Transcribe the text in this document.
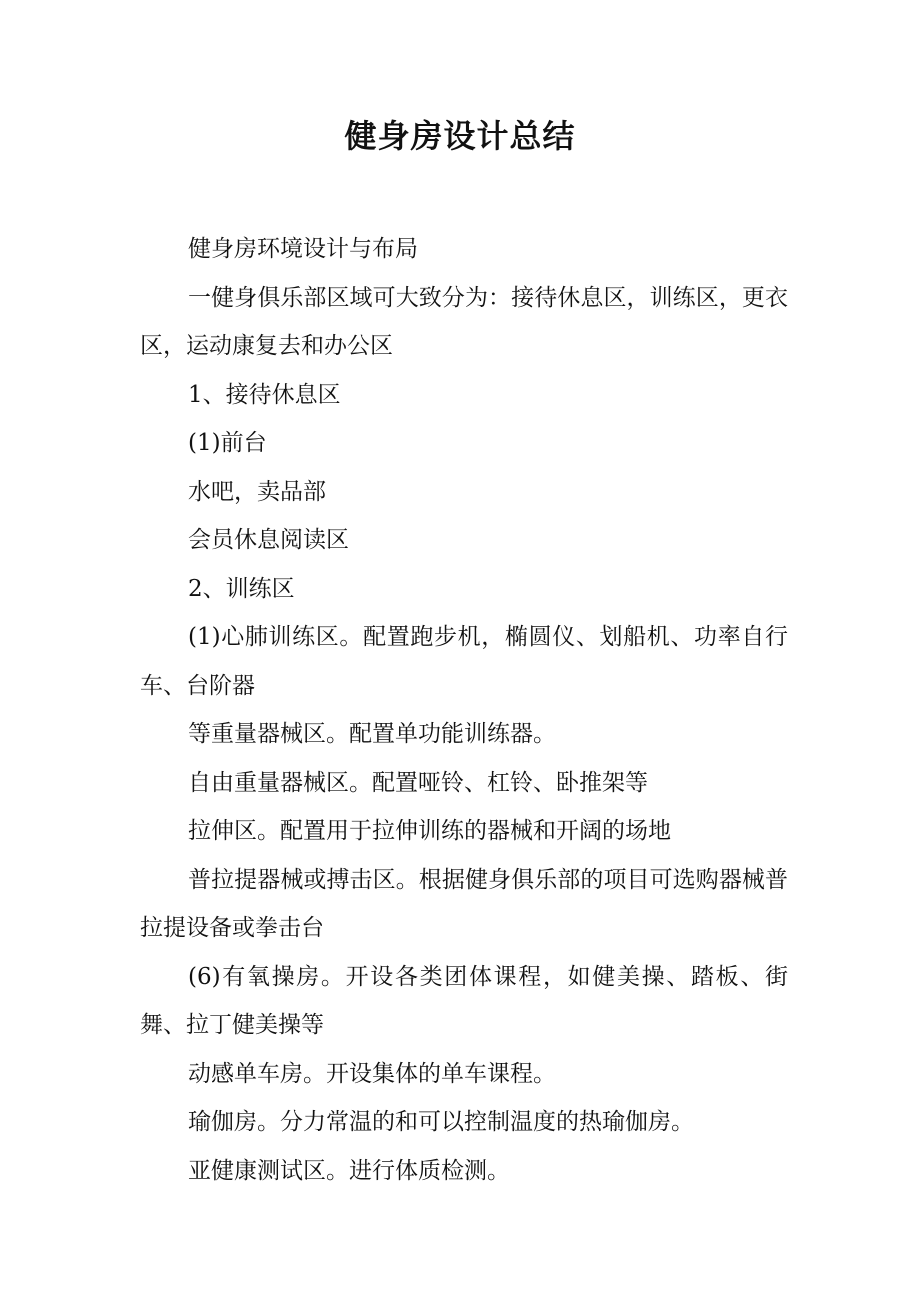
健身房设计总结

健身房环境设计与布局

一健身俱乐部区域可大致分为：接待休息区，训练区，更衣区，运动康复去和办公区

1、接待休息区

(1)前台

水吧，卖品部

会员休息阅读区

2、训练区

(1)心肺训练区。配置跑步机，椭圆仪、划船机、功率自行车、台阶器

等重量器械区。配置单功能训练器。

自由重量器械区。配置哑铃、杠铃、卧推架等

拉伸区。配置用于拉伸训练的器械和开阔的场地

普拉提器械或搏击区。根据健身俱乐部的项目可选购器械普拉提设备或拳击台

(6)有氧操房。开设各类团体课程，如健美操、踏板、街舞、拉丁健美操等

动感单车房。开设集体的单车课程。

瑜伽房。分力常温的和可以控制温度的热瑜伽房。

亚健康测试区。进行体质检测。
